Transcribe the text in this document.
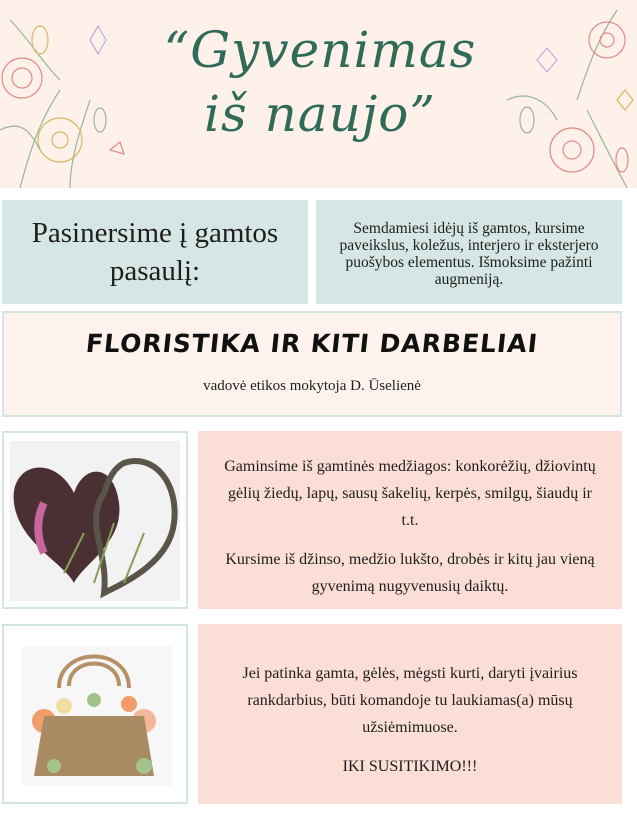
“Gyvenimas iš naujo”
Pasinersime į gamtos pasaulį:
Semdamiesi idėjų iš gamtos, kursime paveikslus, koležus, interjero ir eksterjero puošybos elementus. Išmoksime pažinti augmeniją.
FLORISTIKA IR KITI DARBELIAI
vadovė etikos mokytoja D. Ūselienė

Gaminsime iš gamtinės medžiagos: konkorėžių, džiovintų gėlių žiedų, lapų, sausų šakelių, kerpės, smilgų, šiaudų ir t.t.

Kursime iš džinso, medžio lukšto, drobės ir kitų jau vieną gyvenimą nugyvenusių daiktų.

Jei patinka gamta, gėlės, mėgsti kurti, daryti įvairius rankdarbius, būti komandoje tu laukiamas(a) mūsų užsiėmimuose.

IKI SUSITIKIMO!!!
